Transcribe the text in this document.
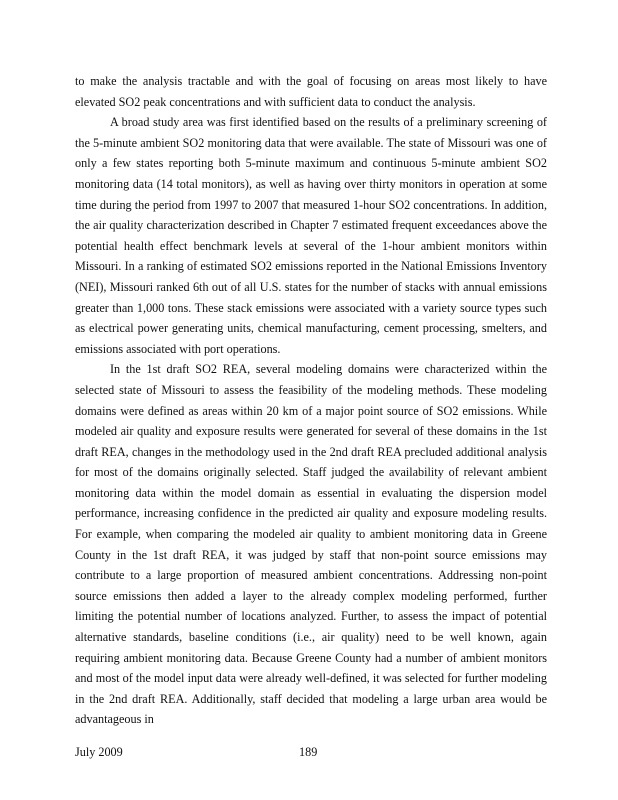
to make the analysis tractable and with the goal of focusing on areas most likely to have elevated SO2 peak concentrations and with sufficient data to conduct the analysis.

A broad study area was first identified based on the results of a preliminary screening of the 5-minute ambient SO2 monitoring data that were available. The state of Missouri was one of only a few states reporting both 5-minute maximum and continuous 5-minute ambient SO2 monitoring data (14 total monitors), as well as having over thirty monitors in operation at some time during the period from 1997 to 2007 that measured 1-hour SO2 concentrations. In addition, the air quality characterization described in Chapter 7 estimated frequent exceedances above the potential health effect benchmark levels at several of the 1-hour ambient monitors within Missouri. In a ranking of estimated SO2 emissions reported in the National Emissions Inventory (NEI), Missouri ranked 6th out of all U.S. states for the number of stacks with annual emissions greater than 1,000 tons. These stack emissions were associated with a variety source types such as electrical power generating units, chemical manufacturing, cement processing, smelters, and emissions associated with port operations.

In the 1st draft SO2 REA, several modeling domains were characterized within the selected state of Missouri to assess the feasibility of the modeling methods. These modeling domains were defined as areas within 20 km of a major point source of SO2 emissions. While modeled air quality and exposure results were generated for several of these domains in the 1st draft REA, changes in the methodology used in the 2nd draft REA precluded additional analysis for most of the domains originally selected. Staff judged the availability of relevant ambient monitoring data within the model domain as essential in evaluating the dispersion model performance, increasing confidence in the predicted air quality and exposure modeling results. For example, when comparing the modeled air quality to ambient monitoring data in Greene County in the 1st draft REA, it was judged by staff that non-point source emissions may contribute to a large proportion of measured ambient concentrations. Addressing non-point source emissions then added a layer to the already complex modeling performed, further limiting the potential number of locations analyzed. Further, to assess the impact of potential alternative standards, baseline conditions (i.e., air quality) need to be well known, again requiring ambient monitoring data. Because Greene County had a number of ambient monitors and most of the model input data were already well-defined, it was selected for further modeling in the 2nd draft REA. Additionally, staff decided that modeling a large urban area would be advantageous in

July 2009	189
